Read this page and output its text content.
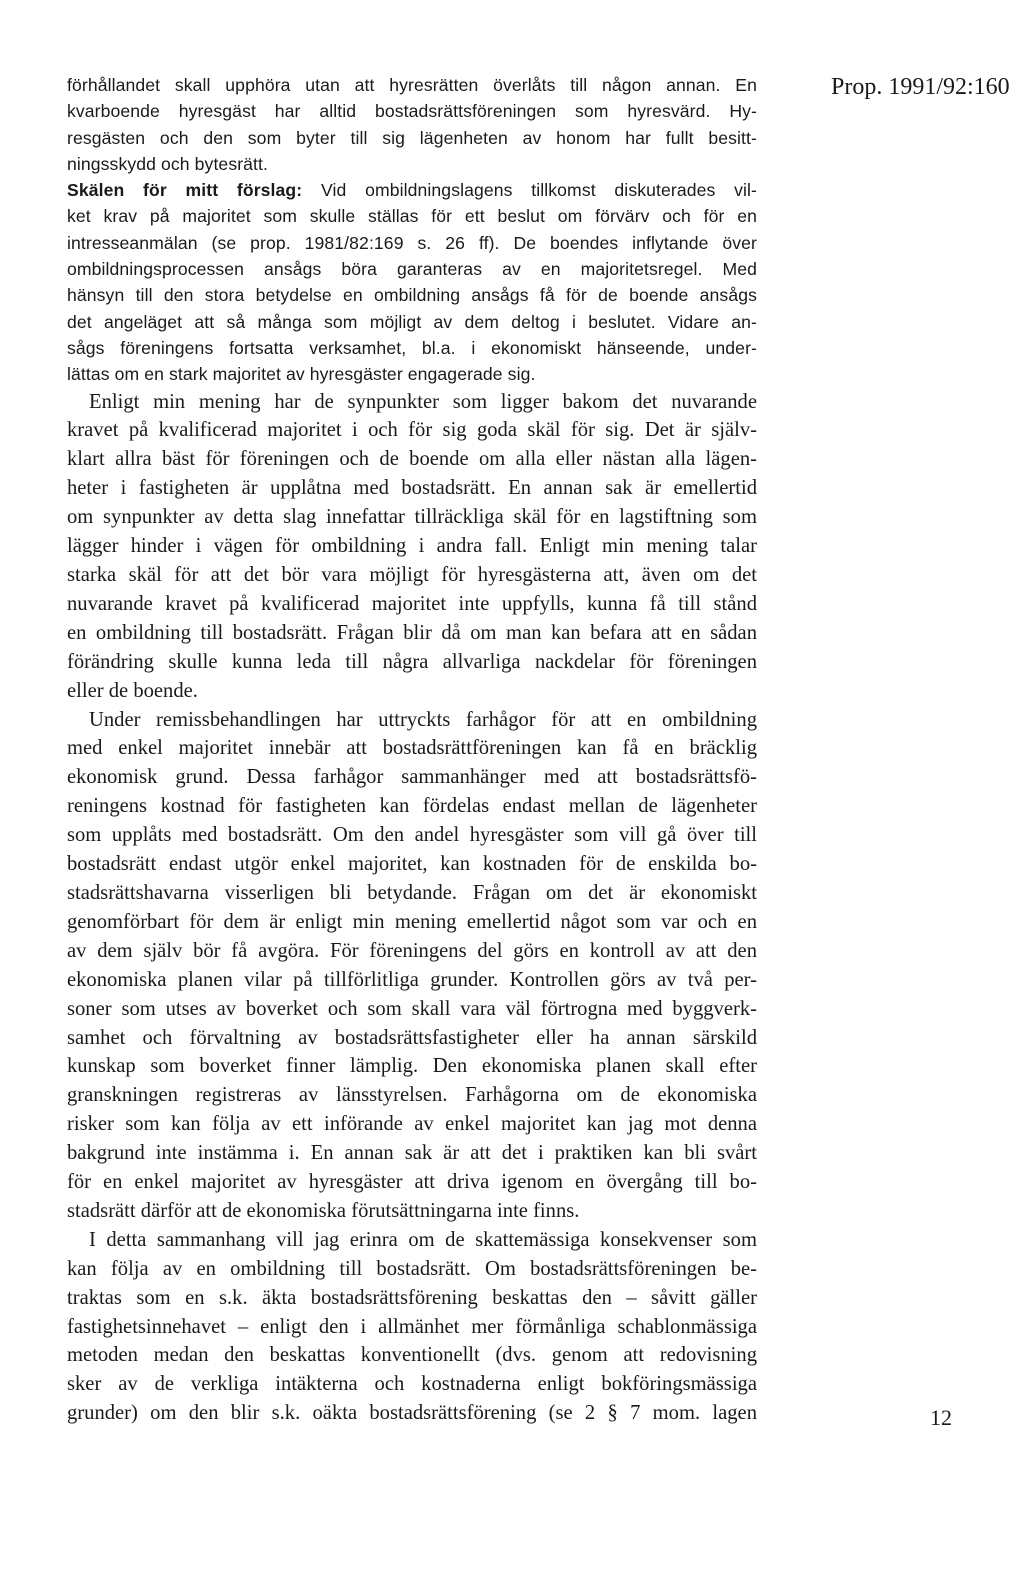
Prop. 1991/92:160
förhållandet skall upphöra utan att hyresrätten överlåts till någon annan. En
kvarboende hyresgäst har alltid bostadsrättsföreningen som hyresvärd. Hy-
resgästen och den som byter till sig lägenheten av honom har fullt besitt-
ningsskydd och bytesrätt.
Skälen för mitt förslag: Vid ombildningslagens tillkomst diskuterades vil-
ket krav på majoritet som skulle ställas för ett beslut om förvärv och för en
intresseanmälan (se prop. 1981/82:169 s. 26 ff). De boendes inflytande över
ombildningsprocessen ansågs böra garanteras av en majoritetsregel. Med
hänsyn till den stora betydelse en ombildning ansågs få för de boende ansågs
det angeläget att så många som möjligt av dem deltog i beslutet. Vidare an-
sågs föreningens fortsatta verksamhet, bl.a. i ekonomiskt hänseende, under-
lättas om en stark majoritet av hyresgäster engagerade sig.
Enligt min mening har de synpunkter som ligger bakom det nuvarande
kravet på kvalificerad majoritet i och för sig goda skäl för sig. Det är själv-
klart allra bäst för föreningen och de boende om alla eller nästan alla lägen-
heter i fastigheten är upplåtna med bostadsrätt. En annan sak är emellertid
om synpunkter av detta slag innefattar tillräckliga skäl för en lagstiftning som
lägger hinder i vägen för ombildning i andra fall. Enligt min mening talar
starka skäl för att det bör vara möjligt för hyresgästerna att, även om det
nuvarande kravet på kvalificerad majoritet inte uppfylls, kunna få till stånd
en ombildning till bostadsrätt. Frågan blir då om man kan befara att en sådan
förändring skulle kunna leda till några allvarliga nackdelar för föreningen
eller de boende.
Under remissbehandlingen har uttryckts farhågor för att en ombildning
med enkel majoritet innebär att bostadsrättföreningen kan få en bräcklig
ekonomisk grund. Dessa farhågor sammanhänger med att bostadsrättsfö-
reningens kostnad för fastigheten kan fördelas endast mellan de lägenheter
som upplåts med bostadsrätt. Om den andel hyresgäster som vill gå över till
bostadsrätt endast utgör enkel majoritet, kan kostnaden för de enskilda bo-
stadsrättshavarna visserligen bli betydande. Frågan om det är ekonomiskt
genomförbart för dem är enligt min mening emellertid något som var och en
av dem själv bör få avgöra. För föreningens del görs en kontroll av att den
ekonomiska planen vilar på tillförlitliga grunder. Kontrollen görs av två per-
soner som utses av boverket och som skall vara väl förtrogna med byggverk-
samhet och förvaltning av bostadsrättsfastigheter eller ha annan särskild
kunskap som boverket finner lämplig. Den ekonomiska planen skall efter
granskningen registreras av länsstyrelsen. Farhågorna om de ekonomiska
risker som kan följa av ett införande av enkel majoritet kan jag mot denna
bakgrund inte instämma i. En annan sak är att det i praktiken kan bli svårt
för en enkel majoritet av hyresgäster att driva igenom en övergång till bo-
stadsrätt därför att de ekonomiska förutsättningarna inte finns.
I detta sammanhang vill jag erinra om de skattemässiga konsekvenser som
kan följa av en ombildning till bostadsrätt. Om bostadsrättsföreningen be-
traktas som en s.k. äkta bostadsrättsförening beskattas den – såvitt gäller
fastighetsinnehavet – enligt den i allmänhet mer förmånliga schablonmässiga
metoden medan den beskattas konventionellt (dvs. genom att redovisning
sker av de verkliga intäkterna och kostnaderna enligt bokföringsmässiga
grunder) om den blir s.k. oäkta bostadsrättsförening (se 2 § 7 mom. lagen	12
